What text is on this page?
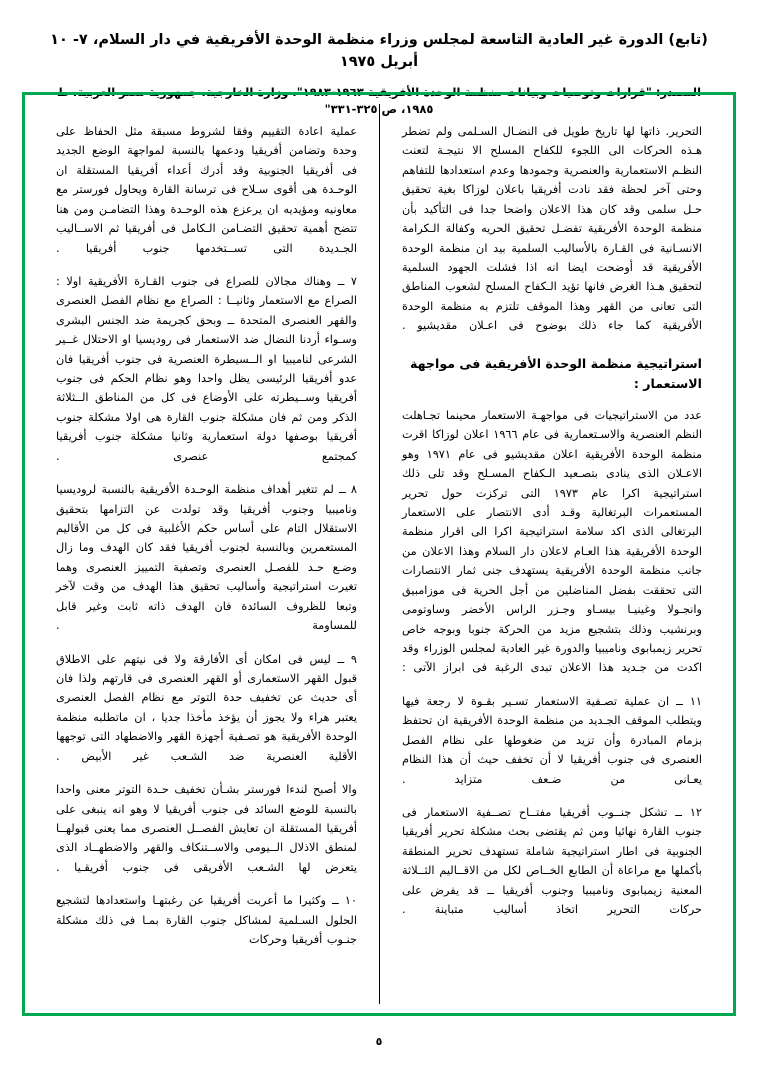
(تابع) الدورة غير العادية التاسعة لمجلس وزراء منظمة الوحدة الأفريقية في دار السلام، ٧- ١٠ أبريل ١٩٧٥
المصدر: "قرارات وتوصيات وبيانات منظمة الوحدة الأفريقية ١٩٦٣-١٩٨٣"، وزارة الخارجية، جمهورية مصر العربية، ط ١٩٨٥، ص ٣٢٥-٣٣١"

التحرير. ذاتها لها تاريخ طويل فى النضـال السـلمى ولم تضطر هـذه الحركات الى اللجوء للكفاح المسلح الا نتيجـة لتعنت النظـم الاستعمارية والعنصرية وجمودها وعدم استعدادها للتفاهم وحتى آخر لحظة فقد نادت أفريقيا باعلان لوزاكا بغية تحقيق حـل سلمى وقد كان هذا الاعلان واضحا جدا فى التأكيد بأن منظمة الوحدة الأفريقية تفضـل تحقيق الحريه وكفالة الـكرامة الانسـانية فى القـارة بالأساليب السلمية بيد ان منظمة الوحدة الأفريقية قد أوضحت ايضا انه اذا فشلت الجهود السلمية لتحقيق هـذا الغرض فانها تؤيد الـكفاح المسلح لشعوب المناطق التى تعانى من القهر وهذا الموقف تلتزم به منظمة الوحدة الأفريقية كما جاء ذلك بوضوح فى اعـلان مقديشيو .

استراتيجية منظمة الوحدة الأفريقية فى مواجهة الاستعمار :

عدد من الاستراتيجيات فى مواجهـة الاستعمار محينما تجـاهلت النظم العنصرية والاسـتعمارية فى عام ١٩٦٦ اعلان لوزاكا اقرت منظمة الوحدة الأفريقية اعلان مقديشيو فى عام ١٩٧١ وهو الاعـلان الذى ينادى بتصـعيد الـكفاح المسـلح وقد تلى ذلك استراتيجية اكرا عام ١٩٧٣ التى تركزت حول تحرير المستعمرات البرتغالية وقـد أدى الانتصار على الاستعمار البرتغالى الذى اكد سلامة استراتيجية اكرا الى اقرار منظمة الوحدة الأفريقية هذا العـام لاعلان دار السلام وهذا الاعلان من جانب منظمة الوحدة الأفريقية يستهدف جنى ثمار الانتصارات التى تحققت بفضل المناضلين من أجل الحرية فى موزامبيق وانجـولا وغينيـا بيسـاو وجـزر الراس الأخضر وساوتومى وبرنشيب وذلك بتشجيع مزيد من الحركة جنوبا وبوجه خاص تحرير زيمبابوى وناميبيا والدورة غير العادية لمجلس الوزراء وقد اكدت من جـديد هذا الاعلان تبدى الرغبة فى ابراز الآتى :

١١ ــ ان عملية تصـفية الاستعمار تسـير بقـوة لا رجعة فيها ويتطلب الموقف الجـديد من منظمة الوحدة الأفريقية ان تحتفظ بزمام المبادرة وأن تزيد من ضغوطها على نظام الفصل العنصرى فى جنوب أفريقيا لا أن تخفف حيث أن هذا النظام يعـانى من ضـعف متزايد .

١٢ ــ تشكل جنــوب أفريقيا مفتــاح تصــفية الاستعمار فى جنوب القارة نهائيا ومن ثم يقتضى بحث مشكلة تحرير أفريقيا الجنوبية فى اطار استراتيجية شاملة تستهدف تحرير المنطقة بأكملها مع مراعاة أن الطابع الخــاص لكل من الاقــاليم الثــلاثة المعنية زيمبابوى وناميبيا وجنوب أفريقيا ــ قد يفرض على حركات التحرير اتخاذ أساليب متباينة .

عملية اعادة التقييم وفقا لشروط مسبقة مثل الحفاظ على وحدة وتضامن أفريقيا ودعمها بالنسبة لمواجهة الوضع الجديد فى أفريقيا الجنوبية وقد أدرك أعداء أفريقيا المستقلة ان الوحـدة هى أقوى سـلاح فى ترسانة القارة ويحاول فورستر مع معاونيه ومؤيديه ان يرعزع هذه الوحـدة وهذا التضامـن ومن هنا تتضح أهمية تحقيق التضـامن الـكامل فى أفريقيا ثم الاســاليب الجـديدة التى تســتخدمها جنوب أفريقيا .

٧ ــ وهناك مجالان للصراع فى جنوب القـارة الأفريقية اولا : الصراع مع الاستعمار وثانيــا : الصراع مع نظام الفصل العنصرى والقهر العنصرى المتحدة ــ وبحق كجريمة ضد الجنس البشرى وسـواء أردنا النضال ضد الاستعمار فى روديسيا او الاحتلال غــير الشرعى لناميبيا او الــسيطرة العنصرية فى جنوب أفريقيا فان عدو أفريقيا الرئيسى يظل واحدا وهو نظام الحكم فى جنوب أفريقيا وســيطرته على الأوضاع فى كل من المناطق الــثلاثة الذكر ومن ثم فان مشكلة جنوب القارة هى اولا مشكلة جنوب أفريقيا بوصفها دولة استعمارية وثانيا مشكلة جنوب أفريقيا كمجتمع عنصرى .

٨ ــ لم تتغير أهداف منظمة الوحـدة الأفريقية بالنسبة لروديسيا وناميبيا وجنوب أفريقيا وقد تولدت عن التزامها بتحقيق الاستقلال التام على أساس حكم الأغلبية فى كل من الأقاليم المستعمرين وبالنسبة لجنوب أفريقيا فقد كان الهدف وما زال وضـع حـد للفصـل العنصرى وتصفية التمييز العنصرى وهما تغيرت استراتيجية وأساليب تحقيق هذا الهدف من وقت لآخر وتبعا للظروف السائدة فان الهدف ذاته ثابت وغير قابل للمساومة .

٩ ــ ليس فى امكان أى الأفارقة ولا فى نيتهم على الاطلاق قبول القهر الاستعمارى أو القهر العنصرى فى قارتهم ولذا فان أى حديث عن تخفيف حدة التوتر مع نظام الفصل العنصرى يعتبر هراء ولا يجوز أن يؤخذ مأخذا جديا ، ان ماتطلبه منظمة الوحدة الأفريقية هو تصـفية أجهزة القهر والاضطهاد التى توجهها الأقلية العنصرية ضد الشـعب غير الأبيض .

والا أصبح لندءا فورستر بشـأن تخفيف حـدة التوتر معنى واحدا بالنسبة للوضع السائد فى جنوب أفريقيا لا وهو انه ينبغى على أفريقيا المستقلة ان تعايش الفصــل العنصرى مما يعنى قبولهــا لمنطق الاذلال الــيومى والاســتنكاف والقهر والاضطهــاد الذى يتعرض لها الشـعب الأفريقى فى جنوب أفريقـيا .

١٠ ــ وكثيرا ما أعربت أفريقيا عن رغبتهـا واستعدادها لتشجيع الحلول السـلمية لمشاكل جنوب القارة بمـا فى ذلك مشكلة جنـوب أفريقيا وحركات

٥
